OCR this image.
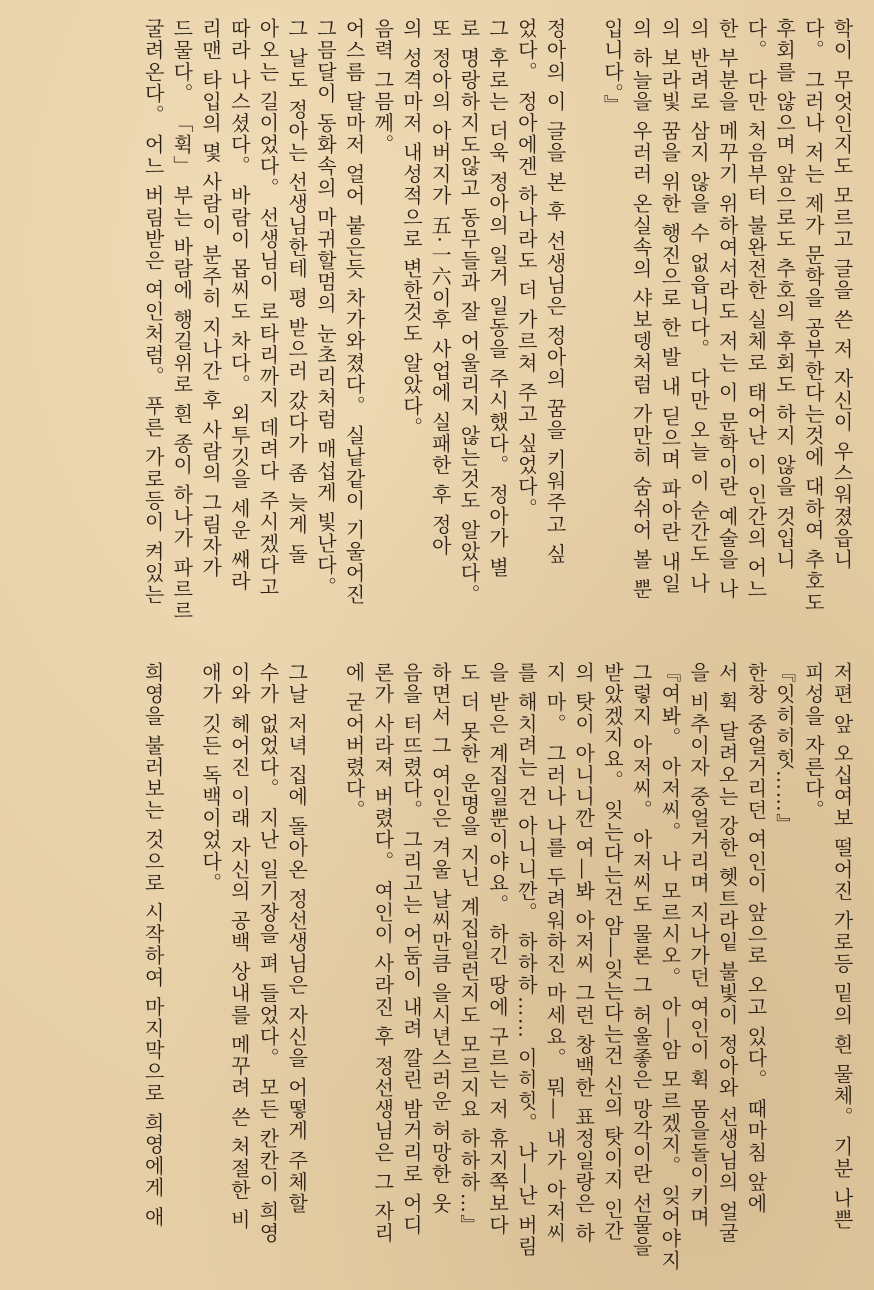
학이 무엇인지도 모르고 글을 쓴 저 자신이 우스워졌읍니
다。 그러나 저는 제가 문학을 공부한다는것에 대하여 추호도
후회를 않으며 앞으로도 추호의 후회도 하지 않을 것입니
다。 다만 처음부터 불완전한 실체로 태어난 이 인간의 어느
한 부분을 메꾸기 위하여서라도 저는 이 문학이란 예술을 나
의 반려로 삼지 않을 수 없읍니다。 다만 오늘 이 순간도 나
의 보라빛 꿈을 위한 행진으로 한 발 내 딛으며 파아란 내일
의 하늘을 우러러 온실속의 샤보뎅처럼 가만히 숨쉬어 볼 뿐
입니다。』
정아의 이 글을 본 후 선생님은 정아의 꿈을 키워주고 싶
었다。 정아에겐 하나라도 더 가르쳐 주고 싶었다。
그 후로는 더욱 정아의 일거 일동을 주시했다。 정아가 별
로 명랑하지도않고 동무들과 잘 어울리지 않는것도 알았다。
또 정아의 아버지가 五·一六이후 사업에 실패한 후 정아
의 성격마저 내성적으로 변한것도 알았다。
음력 그믐께。
어스름 달마저 얼어 붙은듯 차가와졌다。 실낱같이 기울어진
그믐달이 동화속의 마귀할멈의 눈초리처럼 매섭게 빛난다。
그 날도 정아는 선생님한테 평 받으러 갔다가 좀 늦게 돌
아오는 길이었다。 선생님이 로타리까지 데려다 주시겠다고
따라 나스셨다。 바람이 몹씨도 차다。 외투깃을 세운 쌔라
리맨 타입의 몇 사람이 분주히 지나간 후 사람의 그림자가
드물다。 「휙」 부는 바람에 행길위로 흰 종이 하나가 파르르
굴려온다。 어느 버림받은 여인처럼。 푸른 가로등이 켜있는
저편 앞 오십여보 떨어진 가로등 밑의 흰 물체。 기분 나쁜
피성을 자른다。
『잇히히힛……』
한창 중얼거리던 여인이 앞으로 오고 있다。 때마침 앞에
서 휙 달려오는 강한 헷트라잍 불빛이 정아와 선생님의 얼굴
을 비추이자 중얼거리며 지나가던 여인이 휙 몸을돌이키며
『여봐。 아저씨。 나 모르시오。 아―암 모르겠지。 잊어야지
그렇지 아저씨。 아저씨도 물론 그 허울좋은 망각이란 선물을
받았겠지요。 잊는다는건 암―잊는다는건 신의 탓이지 인간
의 탓이 아니니깐 여―봐 아저씨 그런 창백한 표정일랑은 하
지 마。 그러나 나를 두려워하진 마세요。 뭐― 내가 아저씨
를 해치려는 건 아니니깐。 하하하…… 이히힛。 나―난 버림
을 받은 계집일뿐이야요。 하긴 땅에 구르는 저 휴지쪽보다
도 더 못한 운명을 지닌 계집일런지도 모르지요 하하하…』
하면서 그 여인은 겨울 날씨만큼 을시년스러운 허망한 웃
음을 터뜨렸다。 그리고는 어둠이 내려 깔린 밤거리로 어디
론가 사라져 버렸다。 여인이 사라진 후 정선생님은 그 자리
에 굳어버렸다。
그날 저녁 집에 돌아온 정선생님은 자신을 어떻게 주체할
수가 없었다。 지난 일기장을 펴 들었다。 모든 칸칸이 희영
이와 헤어진 이래 자신의 공백 상내를 메꾸려 쓴 처절한 비
애가 깃든 독백이었다。
희영을 불러보는 것으로 시작하여 마지막으로 희영에게 애
